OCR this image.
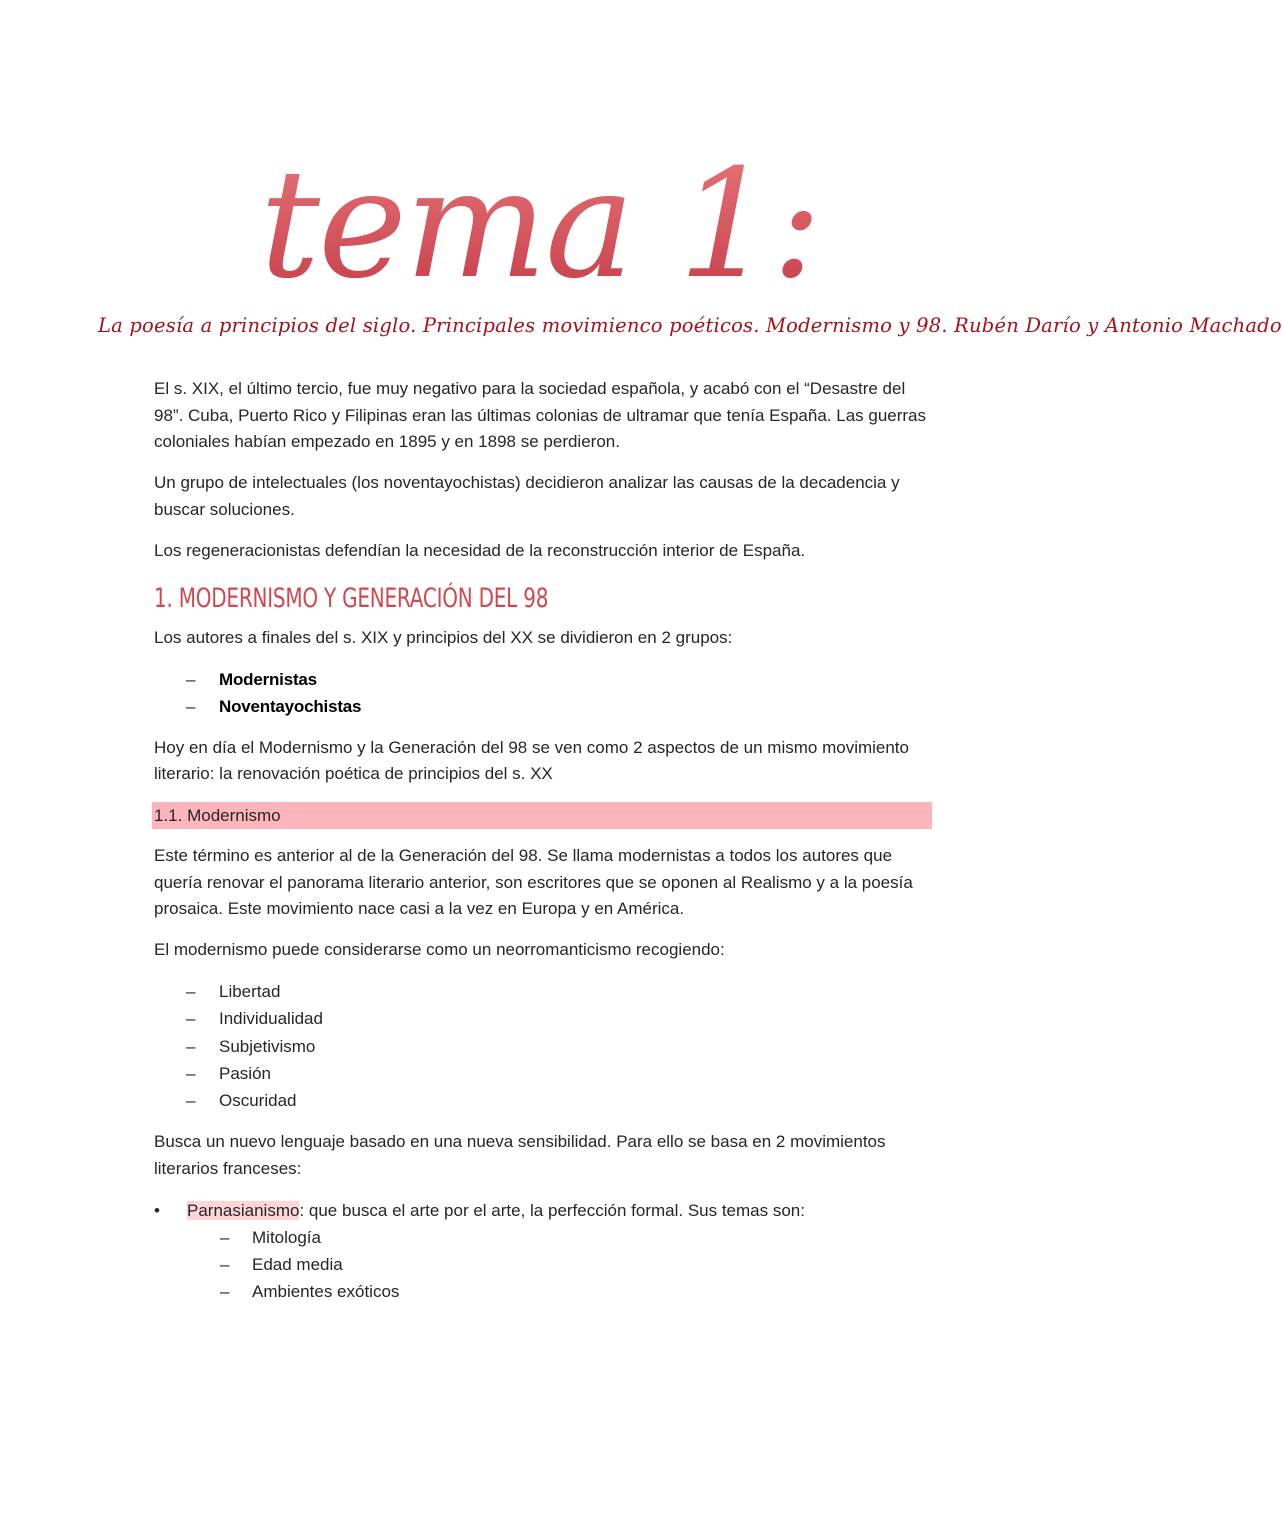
tema 1:
La poesía a principios del siglo. Principales movimienco poéticos. Modernismo y 98. Rubén Darío y Antonio Machado

El s. XIX, el último tercio, fue muy negativo para la sociedad española, y acabó con el “Desastre del 98”. Cuba, Puerto Rico y Filipinas eran las últimas colonias de ultramar que tenía España. Las guerras coloniales habían empezado en 1895 y en 1898 se perdieron.

Un grupo de intelectuales (los noventayochistas) decidieron analizar las causas de la decadencia y buscar soluciones.

Los regeneracionistas defendían la necesidad de la reconstrucción interior de España.

1. MODERNISMO Y GENERACIÓN DEL 98

Los autores a finales del s. XIX y principios del XX se dividieron en 2 grupos:

– Modernistas
– Noventayochistas

Hoy en día el Modernismo y la Generación del 98 se ven como 2 aspectos de un mismo movimiento literario: la renovación poética de principios del s. XX

1.1. Modernismo

Este término es anterior al de la Generación del 98. Se llama modernistas a todos los autores que quería renovar el panorama literario anterior, son escritores que se oponen al Realismo y a la poesía prosaica. Este movimiento nace casi a la vez en Europa y en América.

El modernismo puede considerarse como un neorromanticismo recogiendo:

– Libertad
– Individualidad
– Subjetivismo
– Pasión
– Oscuridad

Busca un nuevo lenguaje basado en una nueva sensibilidad. Para ello se basa en 2 movimientos literarios franceses:

• Parnasianismo: que busca el arte por el arte, la perfección formal. Sus temas son:
– Mitología
– Edad media
– Ambientes exóticos
